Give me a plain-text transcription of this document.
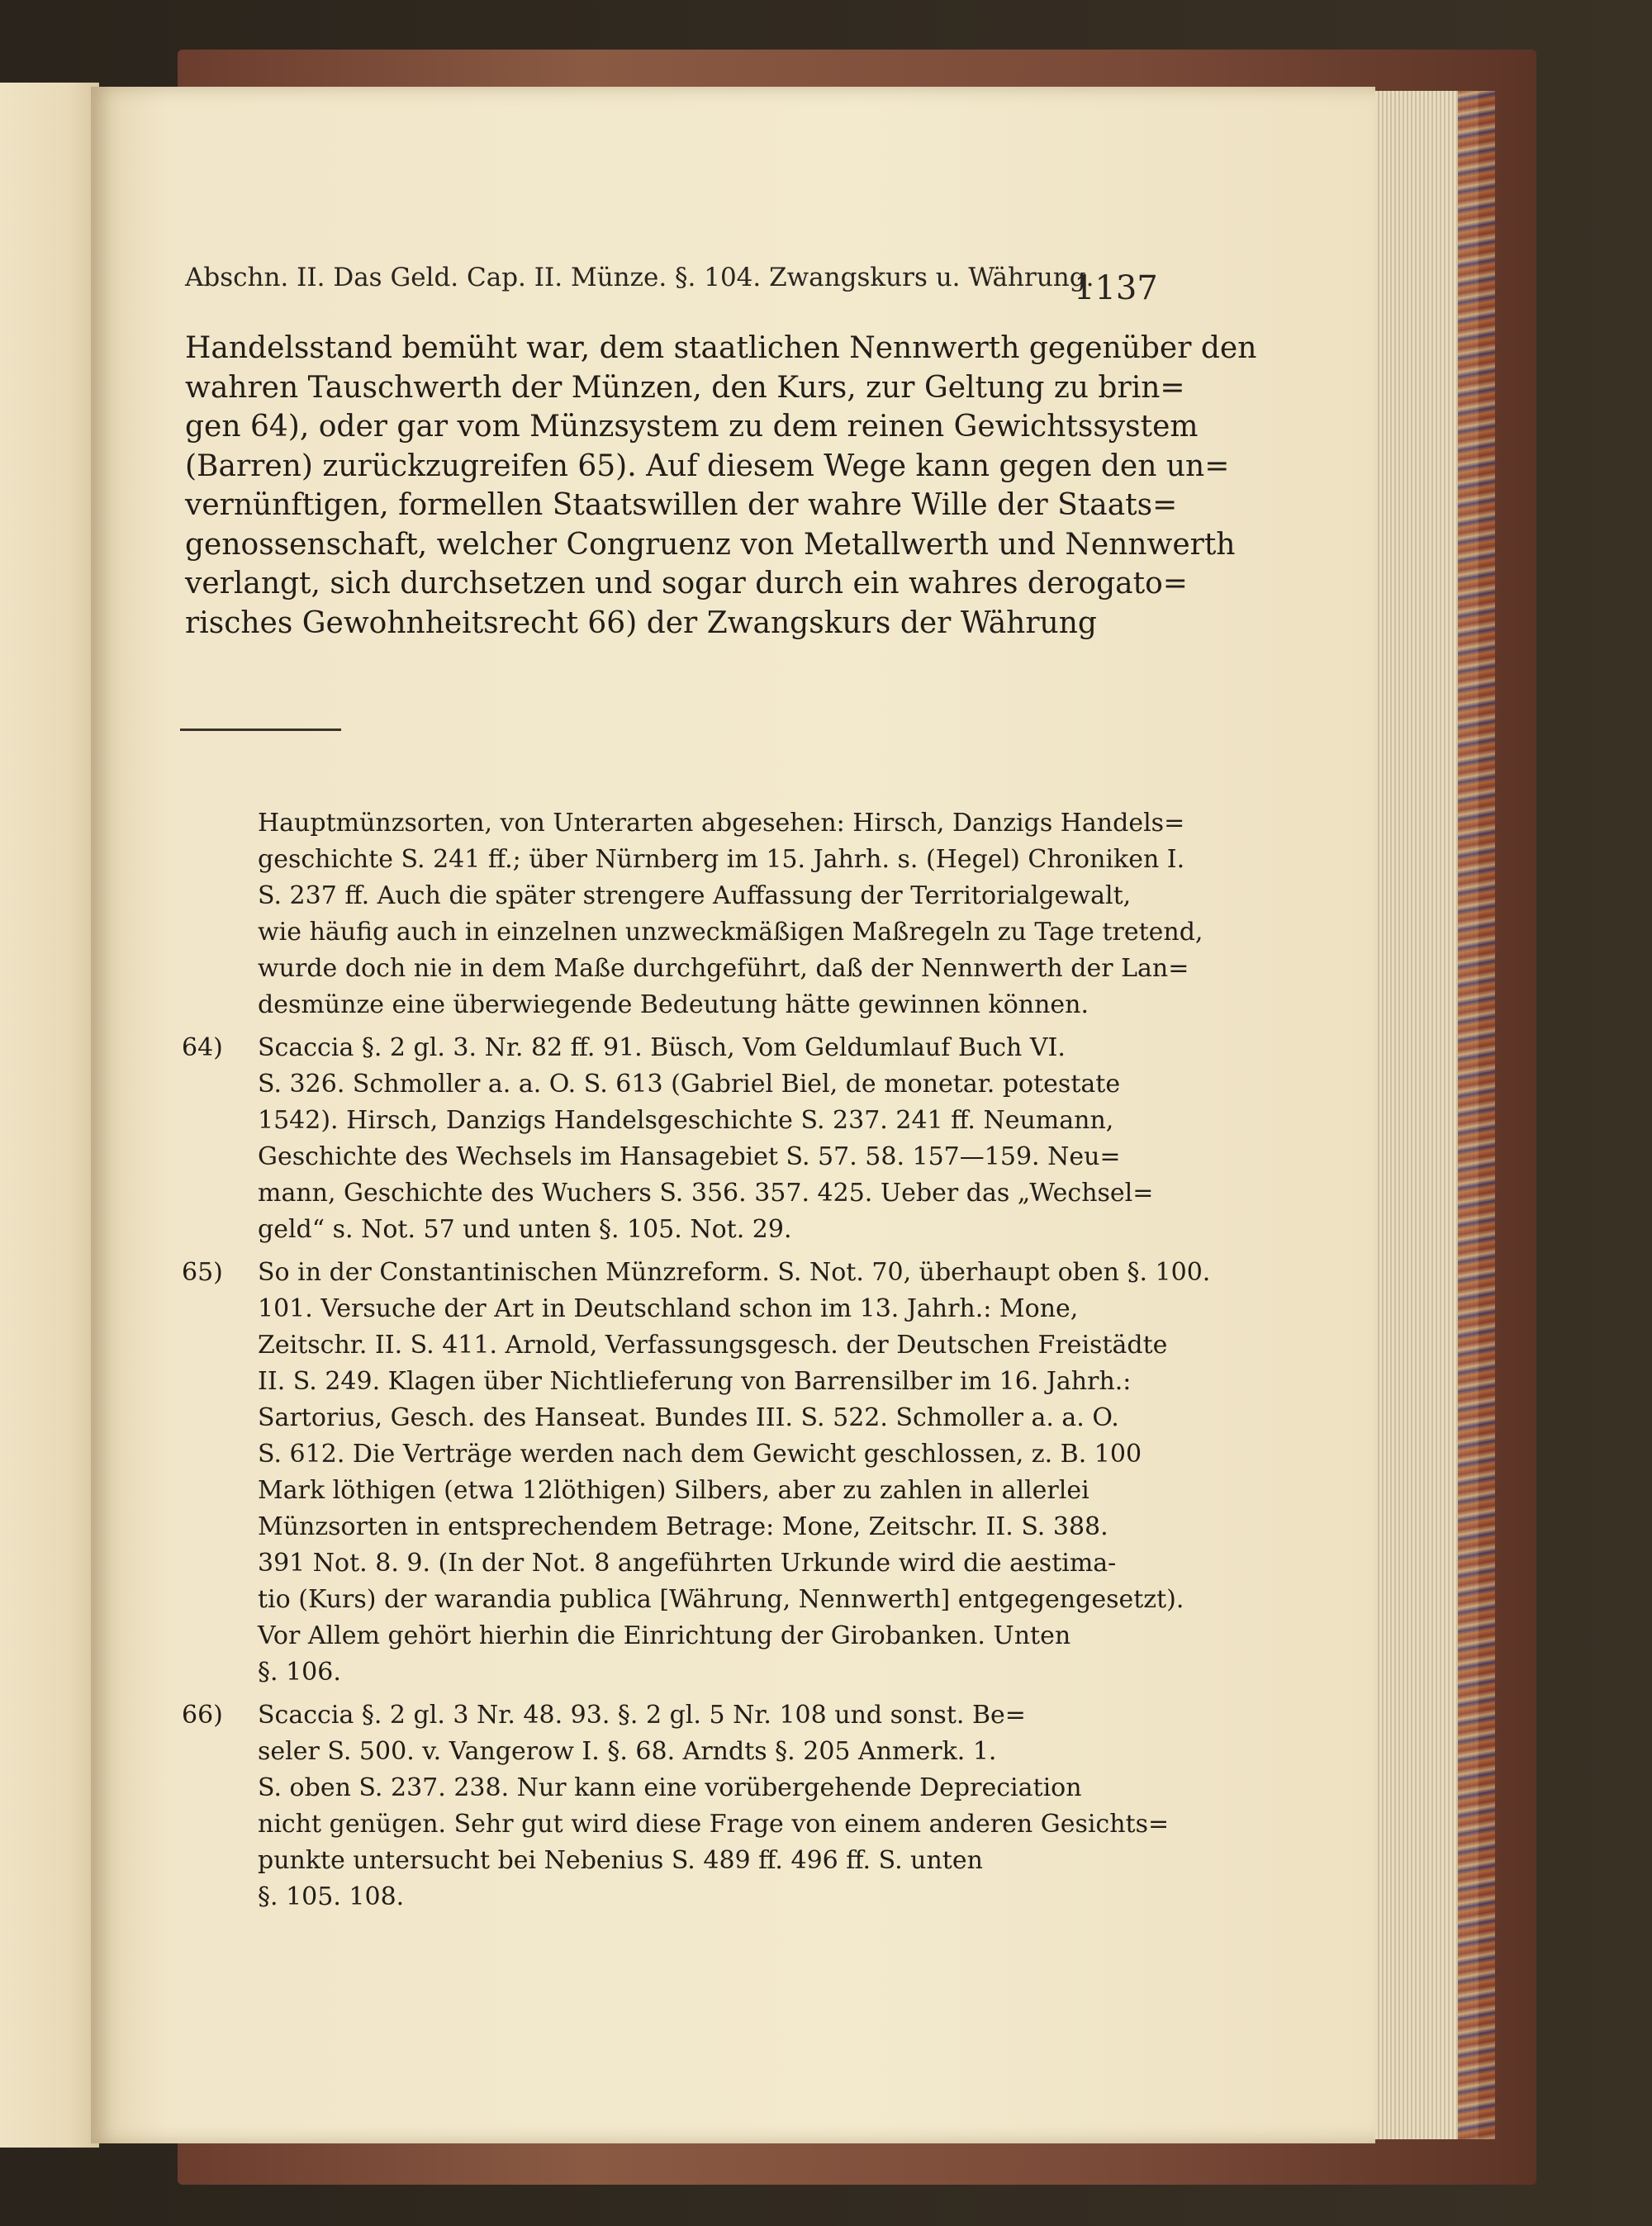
Abschn. II. Das Geld. Cap. II. Münze. §. 104. Zwangskurs u. Währung.
1137
Handelsstand bemüht war, dem staatlichen Nennwerth gegenüber den
wahren Tauschwerth der Münzen, den Kurs, zur Geltung zu brin=
gen 64), oder gar vom Münzsystem zu dem reinen Gewichtssystem
(Barren) zurückzugreifen 65). Auf diesem Wege kann gegen den un=
vernünftigen, formellen Staatswillen der wahre Wille der Staats=
genossenschaft, welcher Congruenz von Metallwerth und Nennwerth
verlangt, sich durchsetzen und sogar durch ein wahres derogato=
risches Gewohnheitsrecht 66) der Zwangskurs der Währung
Hauptmünzsorten, von Unterarten abgesehen: Hirsch, Danzigs Handels=
geschichte S. 241 ff.; über Nürnberg im 15. Jahrh. s. (Hegel) Chroniken I.
S. 237 ff. Auch die später strengere Auffassung der Territorialgewalt,
wie häufig auch in einzelnen unzweckmäßigen Maßregeln zu Tage tretend,
wurde doch nie in dem Maße durchgeführt, daß der Nennwerth der Lan=
desmünze eine überwiegende Bedeutung hätte gewinnen können.
64)	Scaccia §. 2 gl. 3. Nr. 82 ff. 91. Büsch, Vom Geldumlauf Buch VI.
S. 326. Schmoller a. a. O. S. 613 (Gabriel Biel, de monetar. potestate
1542). Hirsch, Danzigs Handelsgeschichte S. 237. 241 ff. Neumann,
Geschichte des Wechsels im Hansagebiet S. 57. 58. 157—159. Neu=
mann, Geschichte des Wuchers S. 356. 357. 425. Ueber das „Wechsel=
geld“ s. Not. 57 und unten §. 105. Not. 29.
65)	So in der Constantinischen Münzreform. S. Not. 70, überhaupt oben §. 100.
101. Versuche der Art in Deutschland schon im 13. Jahrh.: Mone,
Zeitschr. II. S. 411. Arnold, Verfassungsgesch. der Deutschen Freistädte
II. S. 249. Klagen über Nichtlieferung von Barrensilber im 16. Jahrh.:
Sartorius, Gesch. des Hanseat. Bundes III. S. 522. Schmoller a. a. O.
S. 612. Die Verträge werden nach dem Gewicht geschlossen, z. B. 100
Mark löthigen (etwa 12löthigen) Silbers, aber zu zahlen in allerlei
Münzsorten in entsprechendem Betrage: Mone, Zeitschr. II. S. 388.
391 Not. 8. 9. (In der Not. 8 angeführten Urkunde wird die aestima-
tio (Kurs) der warandia publica [Währung, Nennwerth] entgegengesetzt).
Vor Allem gehört hierhin die Einrichtung der Girobanken. Unten
§. 106.
66)	Scaccia §. 2 gl. 3 Nr. 48. 93. §. 2 gl. 5 Nr. 108 und sonst. Be=
seler S. 500. v. Vangerow I. §. 68. Arndts §. 205 Anmerk. 1.
S. oben S. 237. 238. Nur kann eine vorübergehende Depreciation
nicht genügen. Sehr gut wird diese Frage von einem anderen Gesichts=
punkte untersucht bei Nebenius S. 489 ff. 496 ff. S. unten
§. 105. 108.
